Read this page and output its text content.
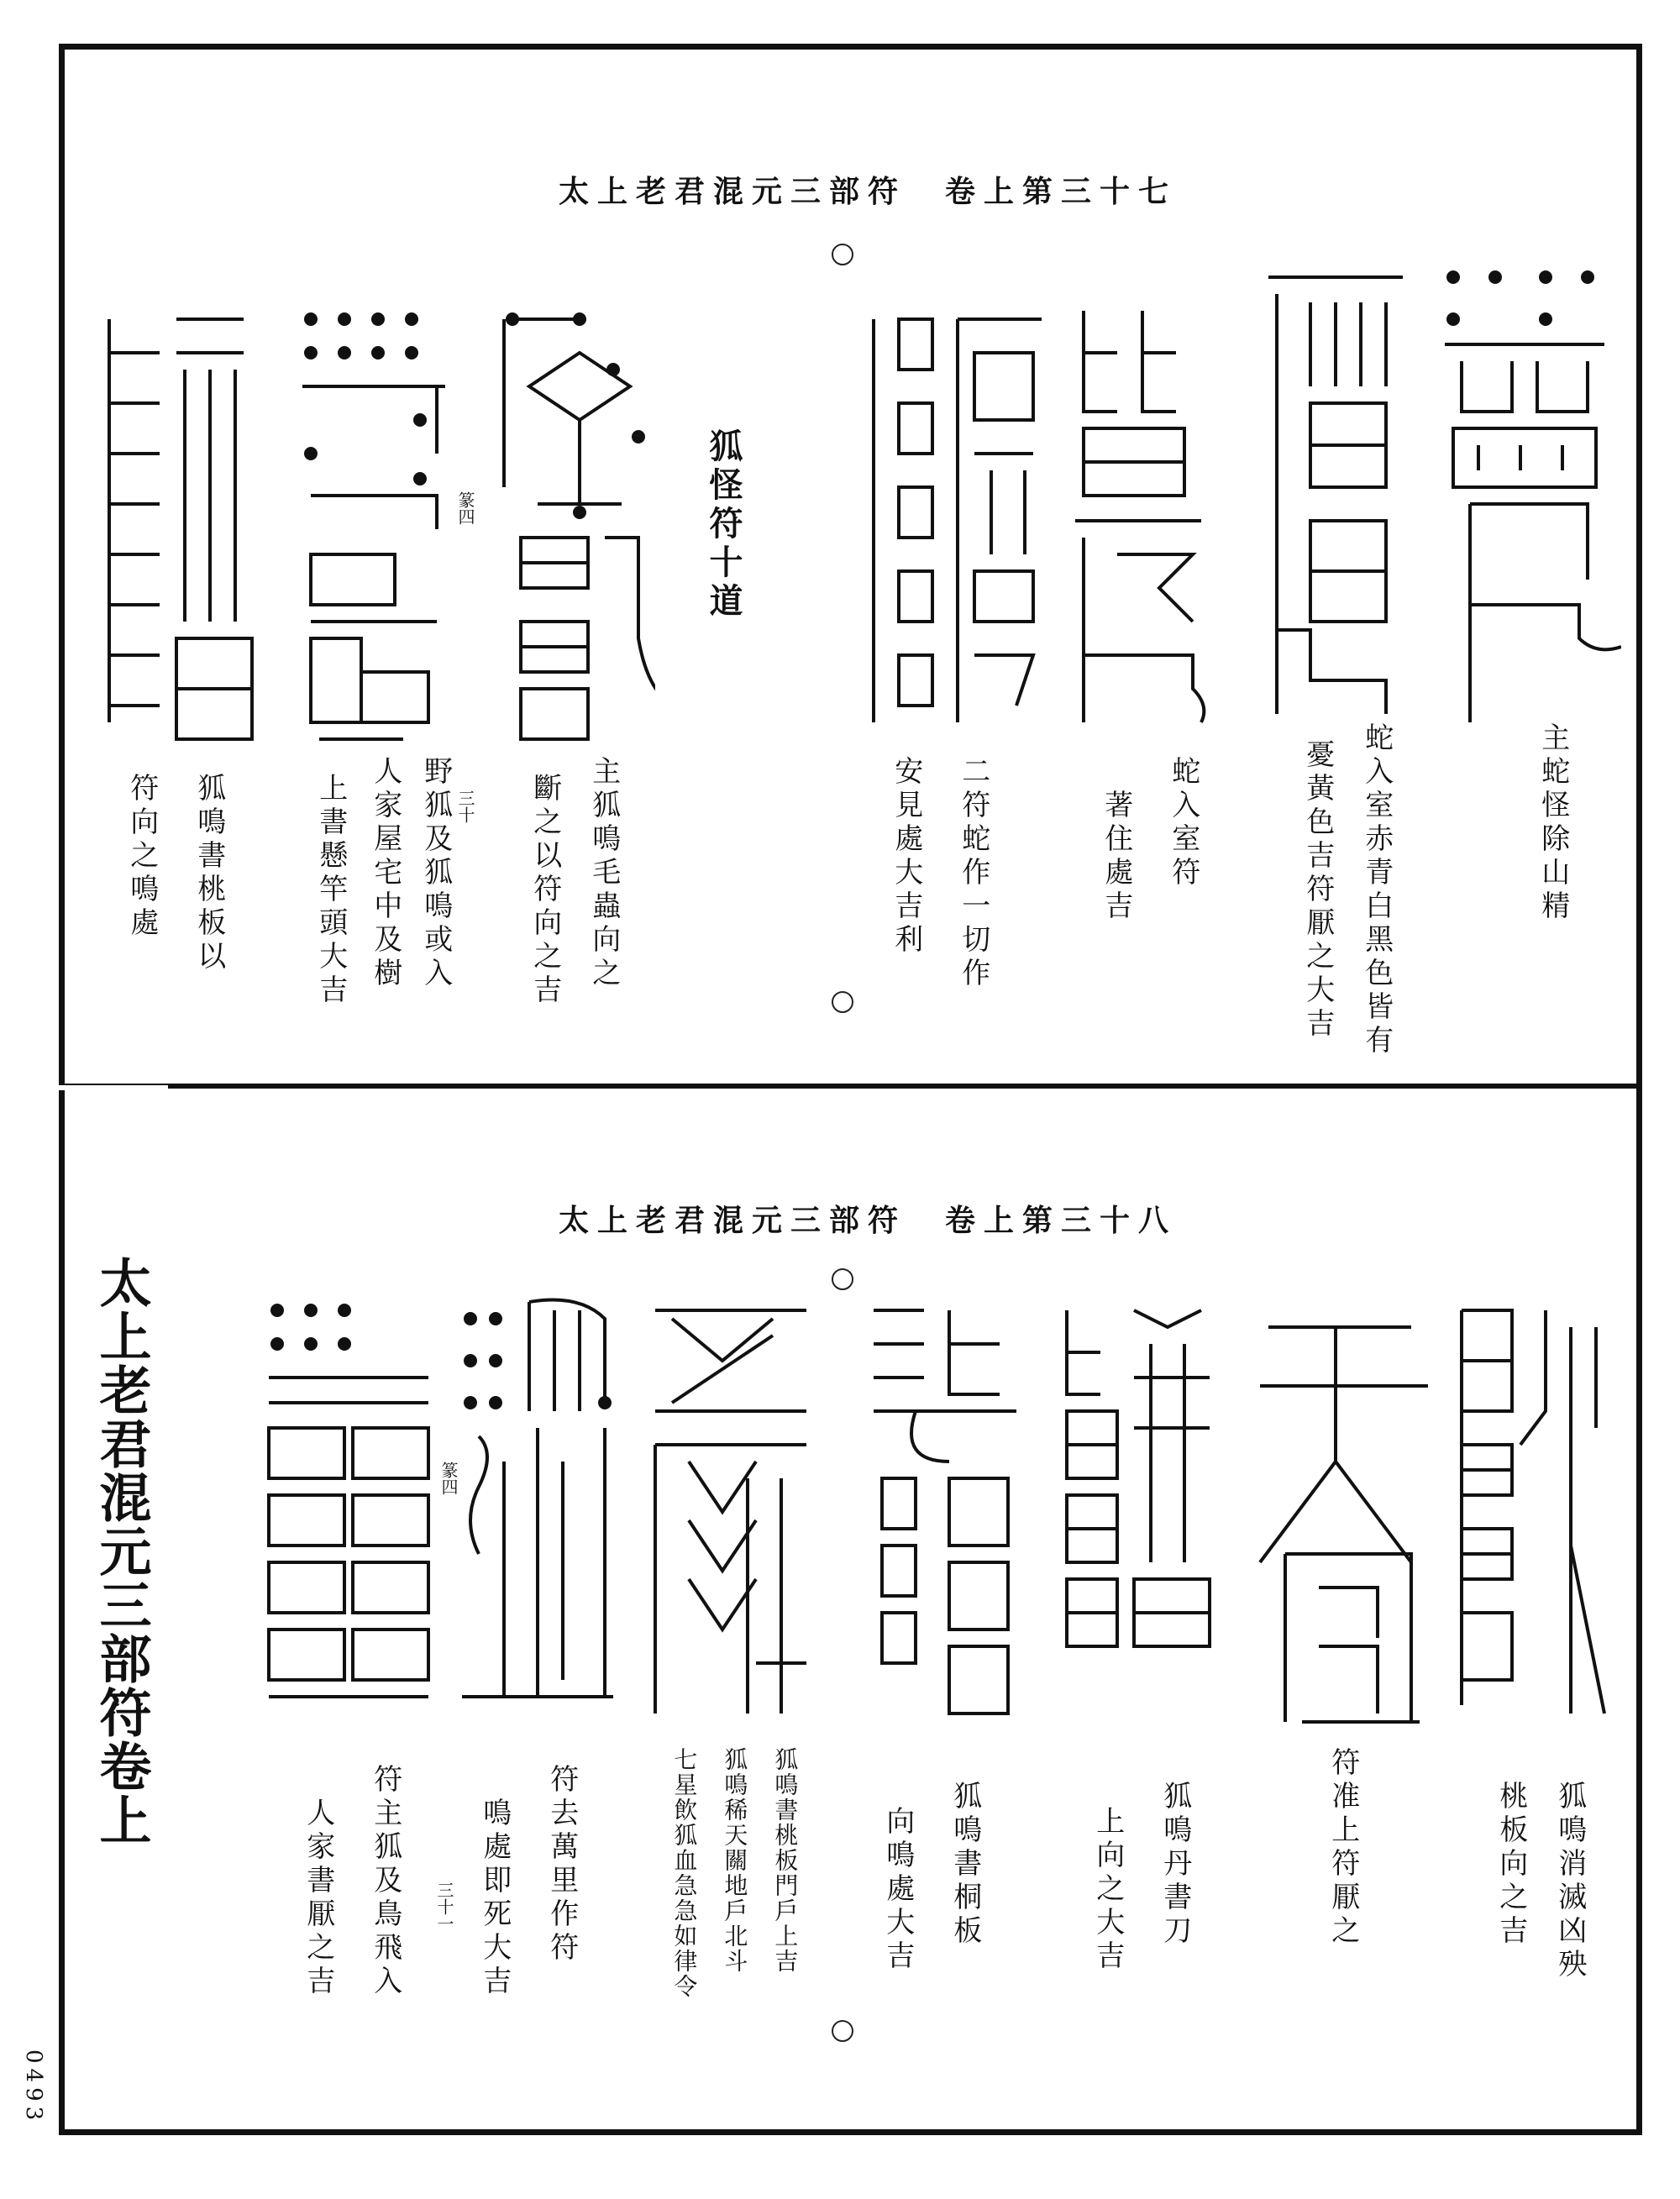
太上老君混元三部符卷上
0493
太上老君混元三部符　卷上第三十七
太上老君混元三部符　卷上第三十八
狐怪符十道
主蛇怪除山精
蛇入室赤青白黑色皆有
憂黃色吉符厭之大吉
蛇入室符
著住處吉
二符蛇作一切作
安見處大吉利
主狐鳴毛蟲向之
斷之以符向之吉
野狐及狐鳴或入
人家屋宅中及樹
上書懸竿頭大吉
狐鳴書桃板以
符向之鳴處	三十
篆四
狐鳴消滅凶殃
桃板向之吉
符准上符厭之
狐鳴丹書刀
上向之大吉
狐鳴書桐板
向鳴處大吉
狐鳴書桃板門戶上吉
狐鳴稀天關地戶北斗
七星飲狐血急急如律令
符去萬里作符
鳴處即死大吉
符主狐及鳥飛入
人家書厭之吉
篆四
三十一
